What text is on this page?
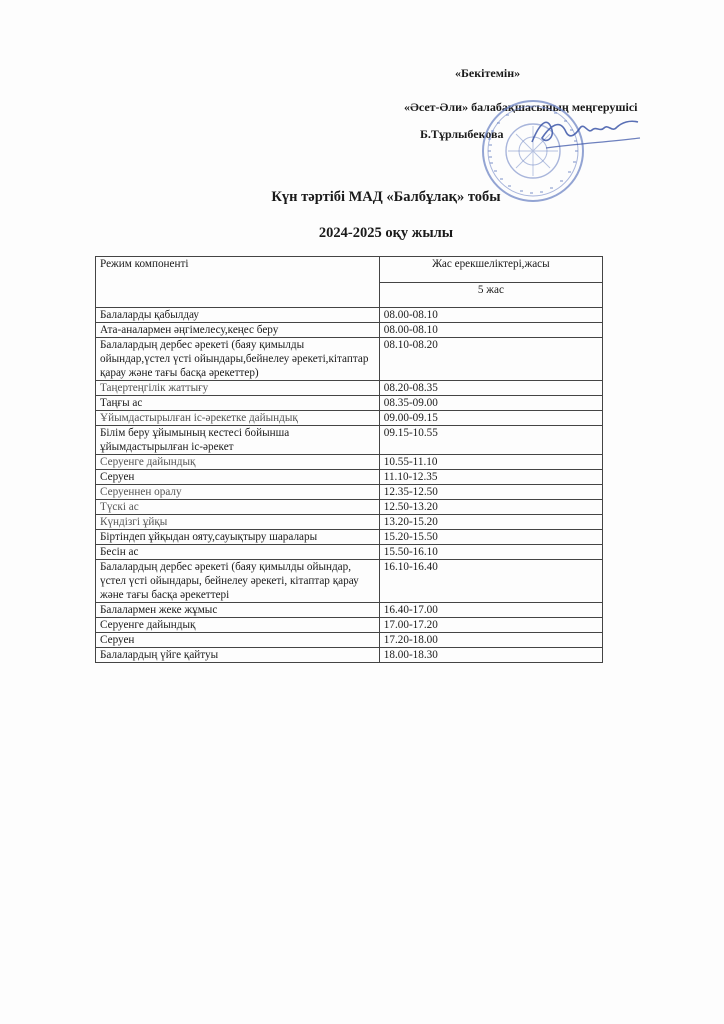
«Бекітемін»
«Әсет-Әли» балабақшасының меңгерушісі
Б.Тұрлыбекова
Күн тәртібі МАД «Балбұлақ» тобы
2024-2025 оқу жылы
Режим компоненті	Жас ерекшеліктері,жасы
	5 жас
Балаларды қабылдау	08.00-08.10
Ата-аналармен әңгімелесу,кеңес беру	08.00-08.10
Балалардың дербес әрекеті (баяу қимылды ойындар,үстел үсті ойындары,бейнелеу әрекеті,кітаптар қарау және тағы басқа әрекеттер)	08.10-08.20
Таңертеңгілік жаттығу	08.20-08.35
Таңғы ас	08.35-09.00
Ұйымдастырылған іс-әрекетке дайындық	09.00-09.15
Білім беру ұйымының кестесі бойынша ұйымдастырылған іс-әрекет	09.15-10.55
Серуенге дайындық	10.55-11.10
Серуен	11.10-12.35
Серуеннен оралу	12.35-12.50
Түскі ас	12.50-13.20
Күндізгі ұйқы	13.20-15.20
Біртіндеп ұйқыдан ояту,сауықтыру шаралары	15.20-15.50
Бесін ас	15.50-16.10
Балалардың дербес әрекеті (баяу қимылды ойындар, үстел үсті ойындары, бейнелеу әрекеті, кітаптар қарау және тағы басқа әрекеттері	16.10-16.40
Балалармен жеке жұмыс	16.40-17.00
Серуенге дайындық	17.00-17.20
Серуен	17.20-18.00
Балалардың үйге қайтуы	18.00-18.30
